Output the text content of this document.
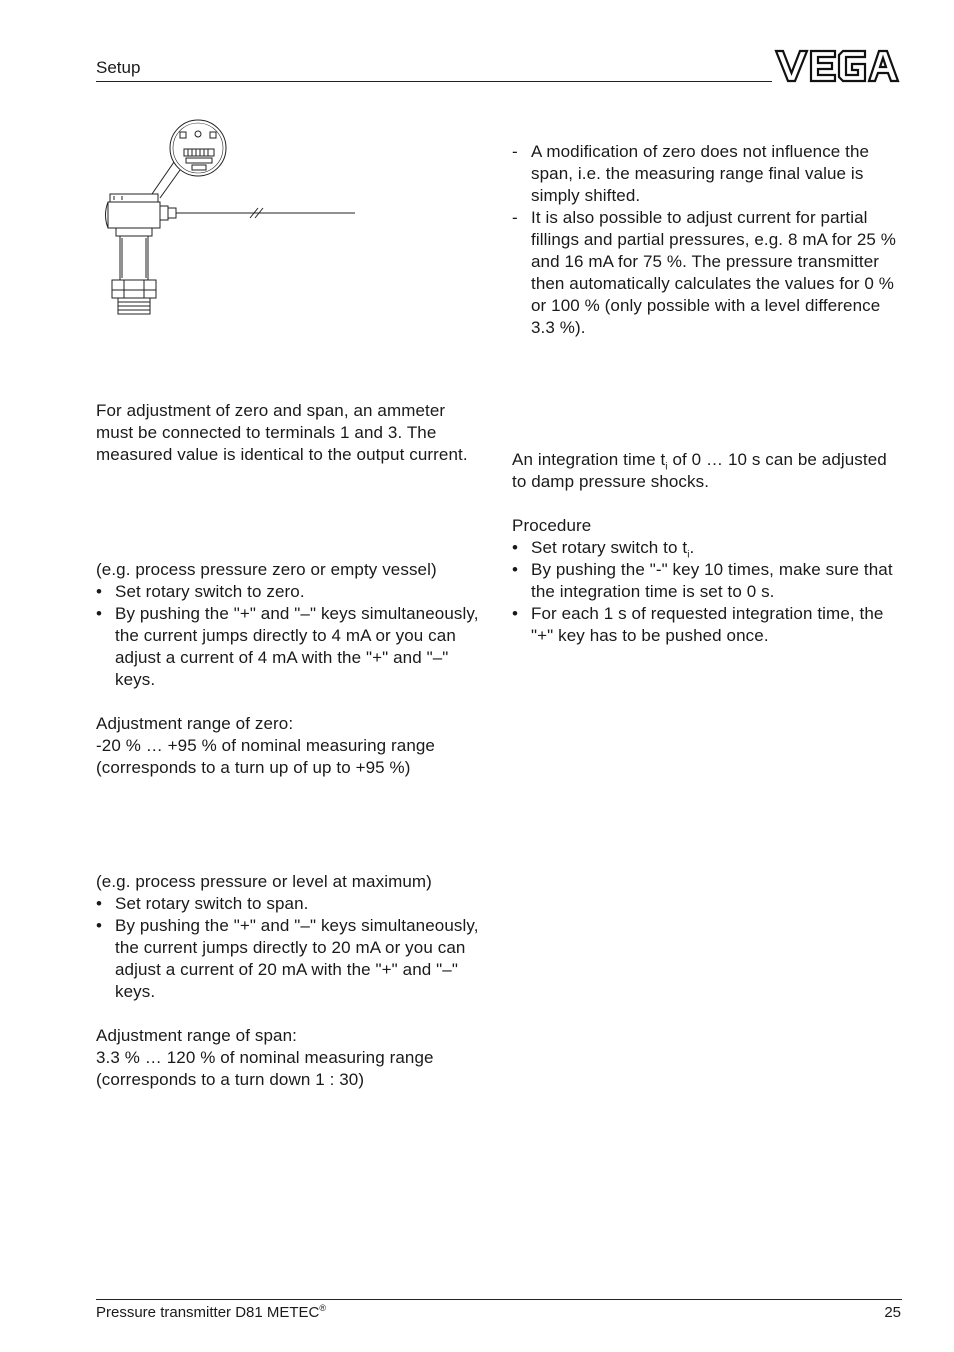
Setup

For adjustment of zero and span, an ammeter must be connected to terminals 1 and 3. The measured value is identical to the output current.

(e.g. process pressure zero or empty vessel)

• Set rotary switch to zero.
• By pushing the "+" and "–" keys simultaneously, the current jumps directly to 4 mA or you can adjust a current of 4 mA with the "+" and "–" keys.

Adjustment range of zero:

-20 % … +95 % of nominal measuring range

(corresponds to a turn up of up to +95 %)

(e.g. process pressure or level at maximum)

• Set rotary switch to span.
• By pushing the "+" and "–" keys simultaneously, the current jumps directly to 20 mA or you can adjust a current of 20 mA with the "+" and "–" keys.

Adjustment range of span:

3.3 % … 120 % of nominal measuring range

(corresponds to a turn down 1 : 30)

- A modification of zero does not influence the span, i.e. the measuring range final value is simply shifted.
- It is also possible to adjust current for partial fillings and partial pressures, e.g. 8 mA for 25 % and 16 mA for 75 %. The pressure transmitter then automatically calculates the values for 0 % or 100 % (only possible with a level difference 3.3 %).

An integration time $t_i$ of 0 … 10 s can be adjusted to damp pressure shocks.

Procedure

• Set rotary switch to $t_i$.
• By pushing the "-" key 10 times, make sure that the integration time is set to 0 s.
• For each 1 s of requested integration time, the "+" key has to be pushed once.
Pressure transmitter D81 METEC®	25
